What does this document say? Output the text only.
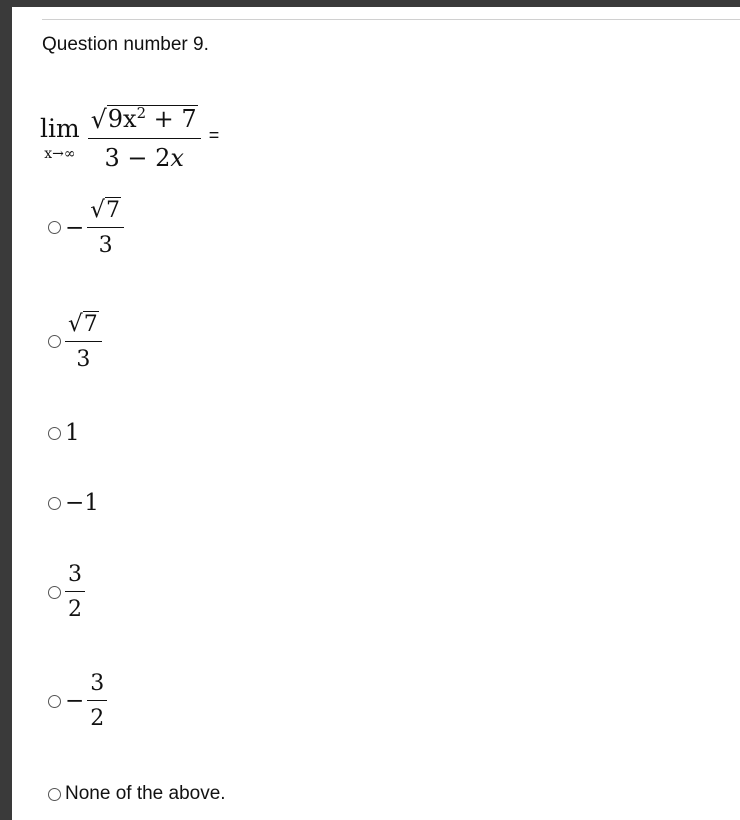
Question number 9.
lim
$x\to\infty \frac{√ 9x^2 + 7}{3 - 2x}$ =
− $\frac{√ 7}{3}$
$\frac{√ 7}{3}$
1
−1
$\frac{3}{2}$
− $\frac{3}{2}$
None of the above.
